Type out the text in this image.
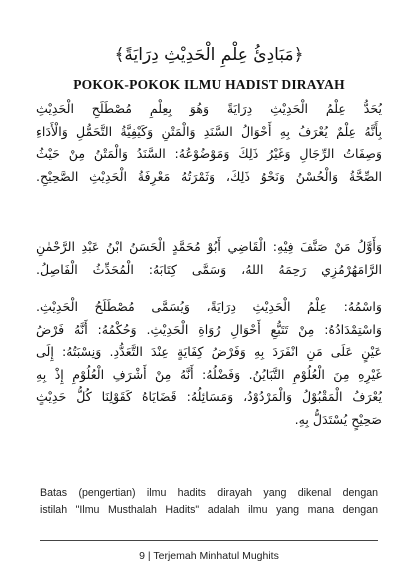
﴿مَبَادِئُ عِلْمِ الْحَدِيْثِ دِرَايَةً﴾
POKOK-POKOK ILMU HADIST DIRAYAH
يُحَدُّ عِلْمُ الْحَدِيْثِ دِرَايَةً وَهُوَ بِعِلْمِ مُصْطَلَحِ الْحَدِيْثِ
بِأَنَّهُ عِلْمٌ يُعْرَفُ بِهِ أَحْوَالُ السَّنَدِ وَالْمَتْنِ وَكَيْفِيَّةُ التَّحَمُّلِ وَالْأَدَاءِ
وَصِفَاتُ الرِّجَالِ وَغَيْرُ ذَلِكَ وَمَوْضُوْعُهُ: السَّنَدُ وَالْمَتْنُ مِنْ حَيْثُ
الصِّحَّةُ وَالْحُسْنُ وَنَحْوُ ذَلِكَ، وَثَمْرَتُهُ مَعْرِفَةُ الْحَدِيْثِ الصَّحِيْحِ.
وَأَوَّلُ مَنْ صَنَّفَ فِيْهِ: الْقَاضِي أَبُوْ مُحَمَّدٍ الْحَسَنُ ابْنُ عَبْدِ الرَّحْمٰنِ
الرَّامَهُرْمُزِي رَحِمَهُ اللهُ، وَسَمَّى كِتَابَهُ: الْمُحَدِّثُ الْفَاصِلُ.
وَاسْمُهُ: عِلْمُ الْحَدِيْثِ دِرَايَةً، وَيُسَمَّى مُصْطَلَحُ الْحَدِيْثِ.
وَاسْتِمْدَادُهُ: مِنْ تَتَبُّعِ أَحْوَالِ رُوَاةِ الْحَدِيْثِ. وَحُكْمُهُ: أَنَّهُ فَرْضُ
عَيْنٍ عَلَى مَنِ انْفَرَدَ بِهِ وَفَرْضُ كِفَايَةٍ عِنْدَ التَّعَدُّدِ. وَنِسْبَتُهُ: إِلَى
غَيْرِهِ مِنَ الْعُلُوْمِ التَّبَايُنُ. وَفَضْلُهُ: أَنَّهُ مِنْ أَشْرَفِ الْعُلُوْمِ إِذْ بِهِ
يُعْرَفُ الْمَقْبُوْلُ وَالْمَرْدُوْدُ، وَمَسَائِلُهُ: قَضَايَاهُ كَقَوْلِنَا كُلُّ حَدِيْثٍ
صَحِيْحٍ يُسْتَدَلُّ بِهِ.
Batas (pengertian) ilmu hadits dirayah yang dikenal dengan
istilah "Ilmu Musthalah Hadits" adalah ilmu yang mana dengan
9 | Terjemah Minhatul Mughits
